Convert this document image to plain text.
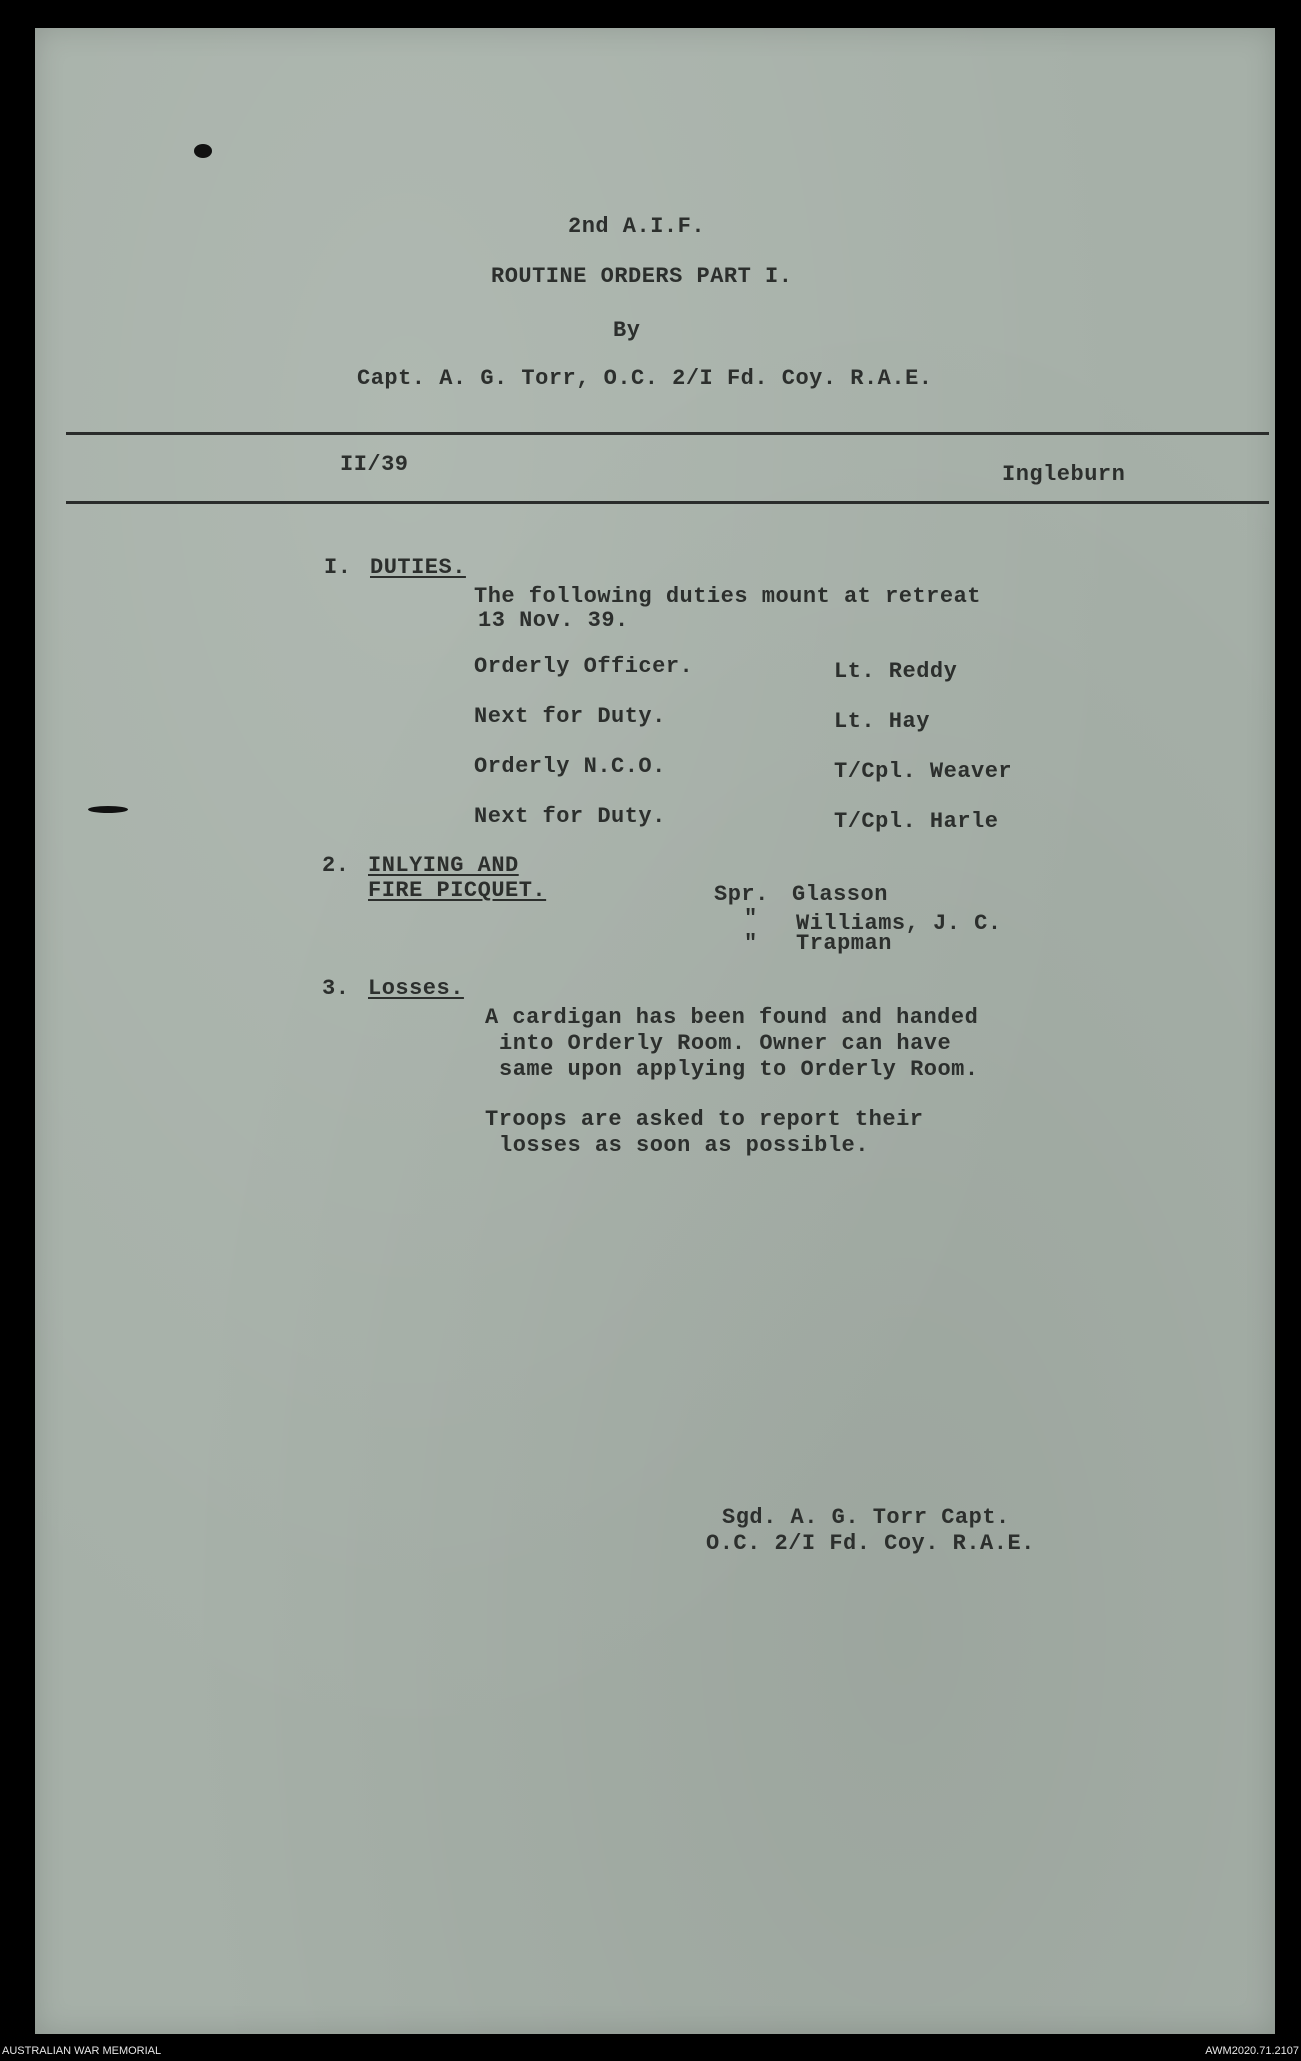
2nd A.I.F.
ROUTINE ORDERS PART I.
By
Capt. A. G. Torr, O.C. 2/I Fd. Coy. R.A.E.
II/39	Ingleburn
I. DUTIES.
The following duties mount at retreat
13 Nov. 39.
Orderly Officer.	Lt. Reddy
Next for Duty.	Lt. Hay
Orderly N.C.O.	T/Cpl. Weaver
Next for Duty.	T/Cpl. Harle
2. INLYING AND
FIRE PICQUET.	Spr. Glasson
" Williams, J. C.
" Trapman
3. Losses.
A cardigan has been found and handed
into Orderly Room. Owner can have
same upon applying to Orderly Room.
Troops are asked to report their
losses as soon as possible.
Sgd. A. G. Torr Capt.
O.C. 2/I Fd. Coy. R.A.E.
AUSTRALIAN WAR MEMORIAL	AWM2020.71.2107
